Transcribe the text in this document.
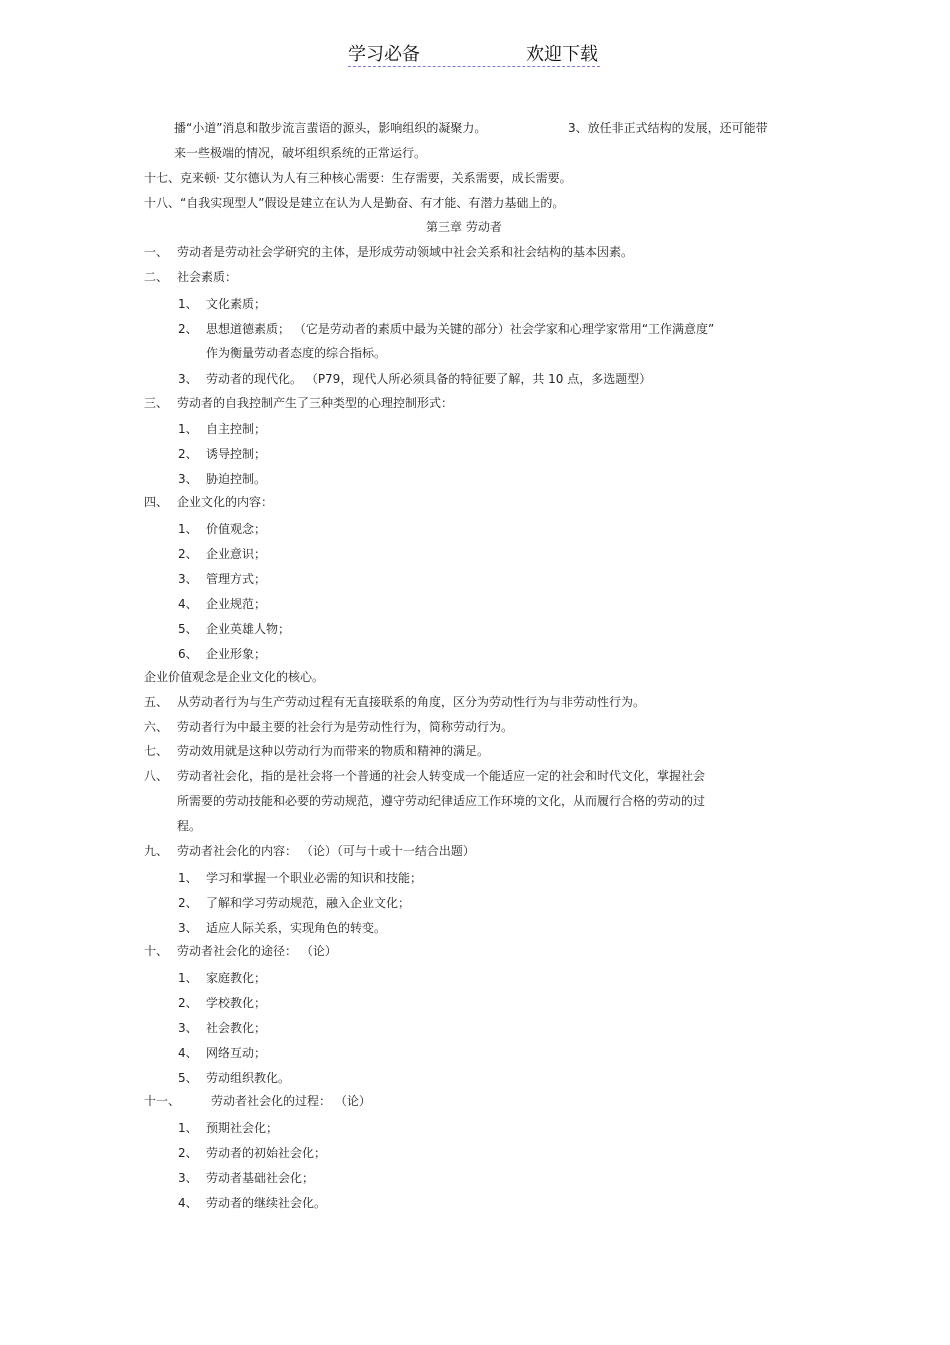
学习必备	欢迎下载
播“小道”消息和散步流言蜚语的源头，影响组织的凝聚力。	3、放任非正式结构的发展，还可能带
来一些极端的情况，破坏组织系统的正常运行。
十七、克来顿· 艾尔德认为人有三种核心需要：生存需要，关系需要，成长需要。
十八、“自我实现型人”假设是建立在认为人是勤奋、有才能、有潜力基础上的。
第三章 劳动者
一、 劳动者是劳动社会学研究的主体，是形成劳动领域中社会关系和社会结构的基本因素。
二、 社会素质：
1、 文化素质；
2、 思想道德素质； （它是劳动者的素质中最为关键的部分）社会学家和心理学家常用“工作满意度”
作为衡量劳动者态度的综合指标。
3、 劳动者的现代化。 （P79，现代人所必须具备的特征要了解，共 10 点，多选题型）
三、 劳动者的自我控制产生了三种类型的心理控制形式：
1、 自主控制；
2、 诱导控制；
3、 胁迫控制。
四、 企业文化的内容：
1、 价值观念；
2、 企业意识；
3、 管理方式；
4、 企业规范；
5、 企业英雄人物；
6、 企业形象；
企业价值观念是企业文化的核心。
五、 从劳动者行为与生产劳动过程有无直接联系的角度，区分为劳动性行为与非劳动性行为。
六、 劳动者行为中最主要的社会行为是劳动性行为，简称劳动行为。
七、 劳动效用就是这种以劳动行为而带来的物质和精神的满足。
八、 劳动者社会化，指的是社会将一个普通的社会人转变成一个能适应一定的社会和时代文化，掌握社会
所需要的劳动技能和必要的劳动规范，遵守劳动纪律适应工作环境的文化，从而履行合格的劳动的过
程。
九、 劳动者社会化的内容： （论）（可与十或十一结合出题）
1、 学习和掌握一个职业必需的知识和技能；
2、 了解和学习劳动规范，融入企业文化；
3、 适应人际关系，实现角色的转变。
十、 劳动者社会化的途径： （论）
1、 家庭教化；
2、 学校教化；
3、 社会教化；
4、 网络互动；
5、 劳动组织教化。
十一、	劳动者社会化的过程： （论）
1、 预期社会化；
2、 劳动者的初始社会化；
3、 劳动者基础社会化；
4、 劳动者的继续社会化。
